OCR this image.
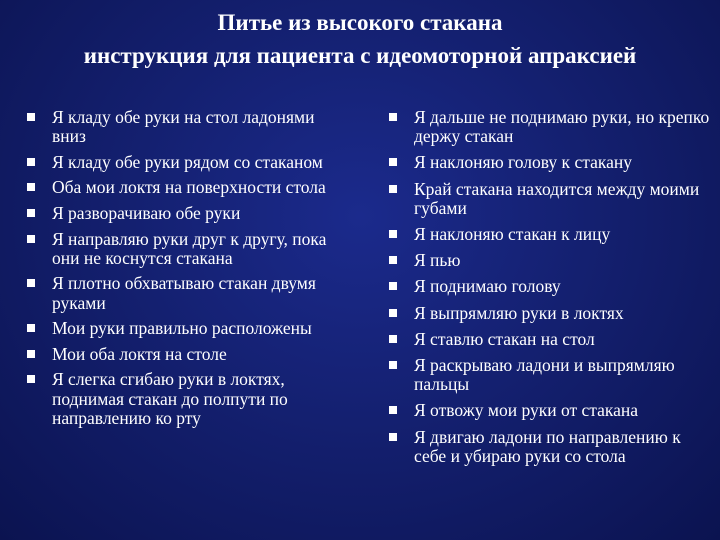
Питье из высокого стакана
инструкция для пациента с идеомоторной апраксией
Я кладу обе руки на стол ладонями вниз
Я кладу обе руки рядом со стаканом
Оба мои локтя на поверхности стола
Я разворачиваю обе руки
Я направляю руки друг к другу, пока они не коснутся стакана
Я плотно обхватываю стакан двумя руками
Мои руки правильно расположены
Мои оба локтя на столе
Я слегка сгибаю руки в локтях, поднимая стакан до полпути по направлению ко рту
Я дальше не поднимаю руки, но крепко держу стакан
Я наклоняю голову к стакану
Край стакана находится между моими губами
Я наклоняю стакан к лицу
Я пью
Я поднимаю голову
Я выпрямляю руки в локтях
Я ставлю стакан на стол
Я раскрываю ладони и выпрямляю пальцы
Я отвожу мои руки от стакана
Я двигаю ладони по направлению к себе и убираю руки со стола
